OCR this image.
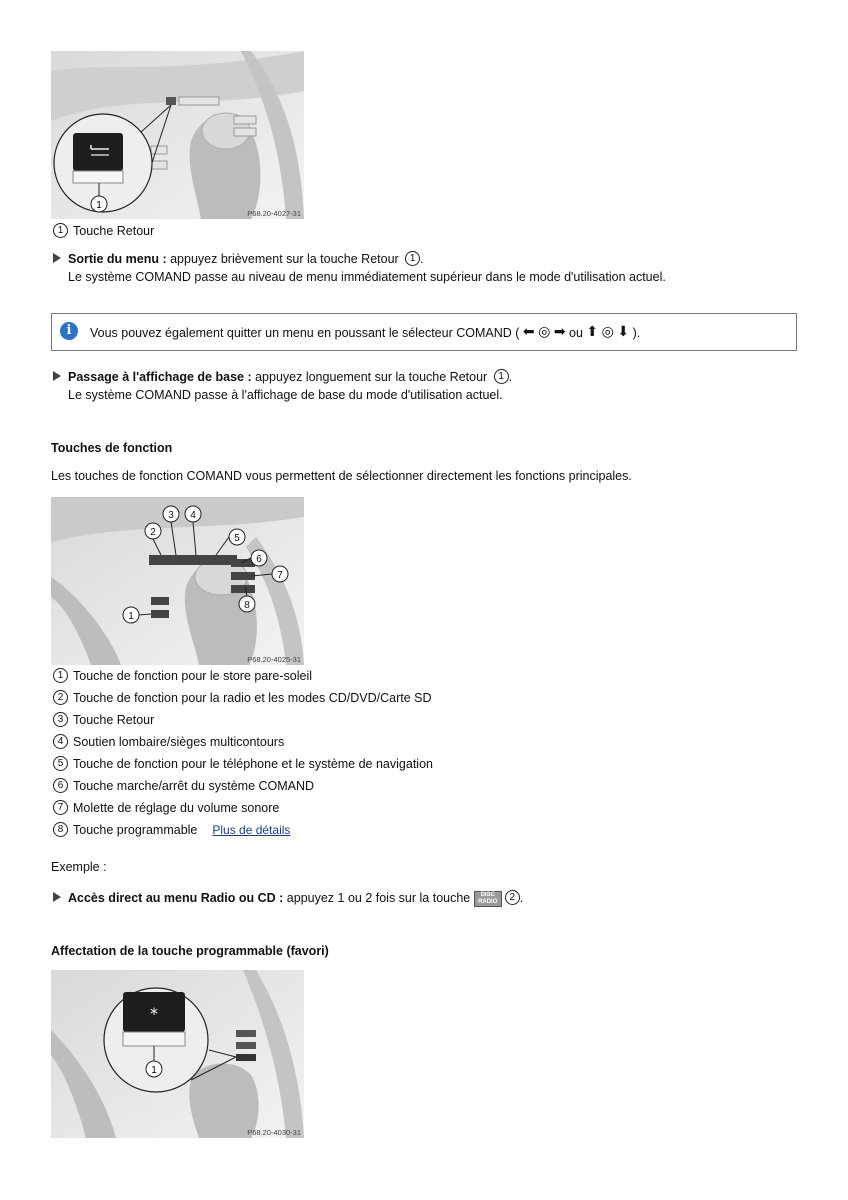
1
P68.20-4027-31
1 Touche Retour
Sortie du menu : appuyez brièvement sur la touche Retour 1 .
Le système COMAND passe au niveau de menu immédiatement supérieur dans le mode d'utilisation actuel.
i	Vous pouvez également quitter un menu en poussant le sélecteur COMAND ( ⬅ ◎ ➡ ou ⬆ ◎ ⬇ ).
Passage à l'affichage de base : appuyez longuement sur la touche Retour 1 .
Le système COMAND passe à l'affichage de base du mode d'utilisation actuel.
Touches de fonction
Les touches de fonction COMAND vous permettent de sélectionner directement les fonctions principales.
3 4
2
5
6
7
8
1
P68.20-4025-31
1 Touche de fonction pour le store pare-soleil
2 Touche de fonction pour la radio et les modes CD/DVD/Carte SD
3 Touche Retour
4 Soutien lombaire/sièges multicontours
5 Touche de fonction pour le téléphone et le système de navigation
6 Touche marche/arrêt du système COMAND
7 Molette de réglage du volume sonore
8 Touche programmable Plus de détails
Exemple :
Accès direct au menu Radio ou CD : appuyez 1 ou 2 fois sur la touche DISC
RADIO 2 .
Affectation de la touche programmable (favori)
*
1
P68.20-4030-31
